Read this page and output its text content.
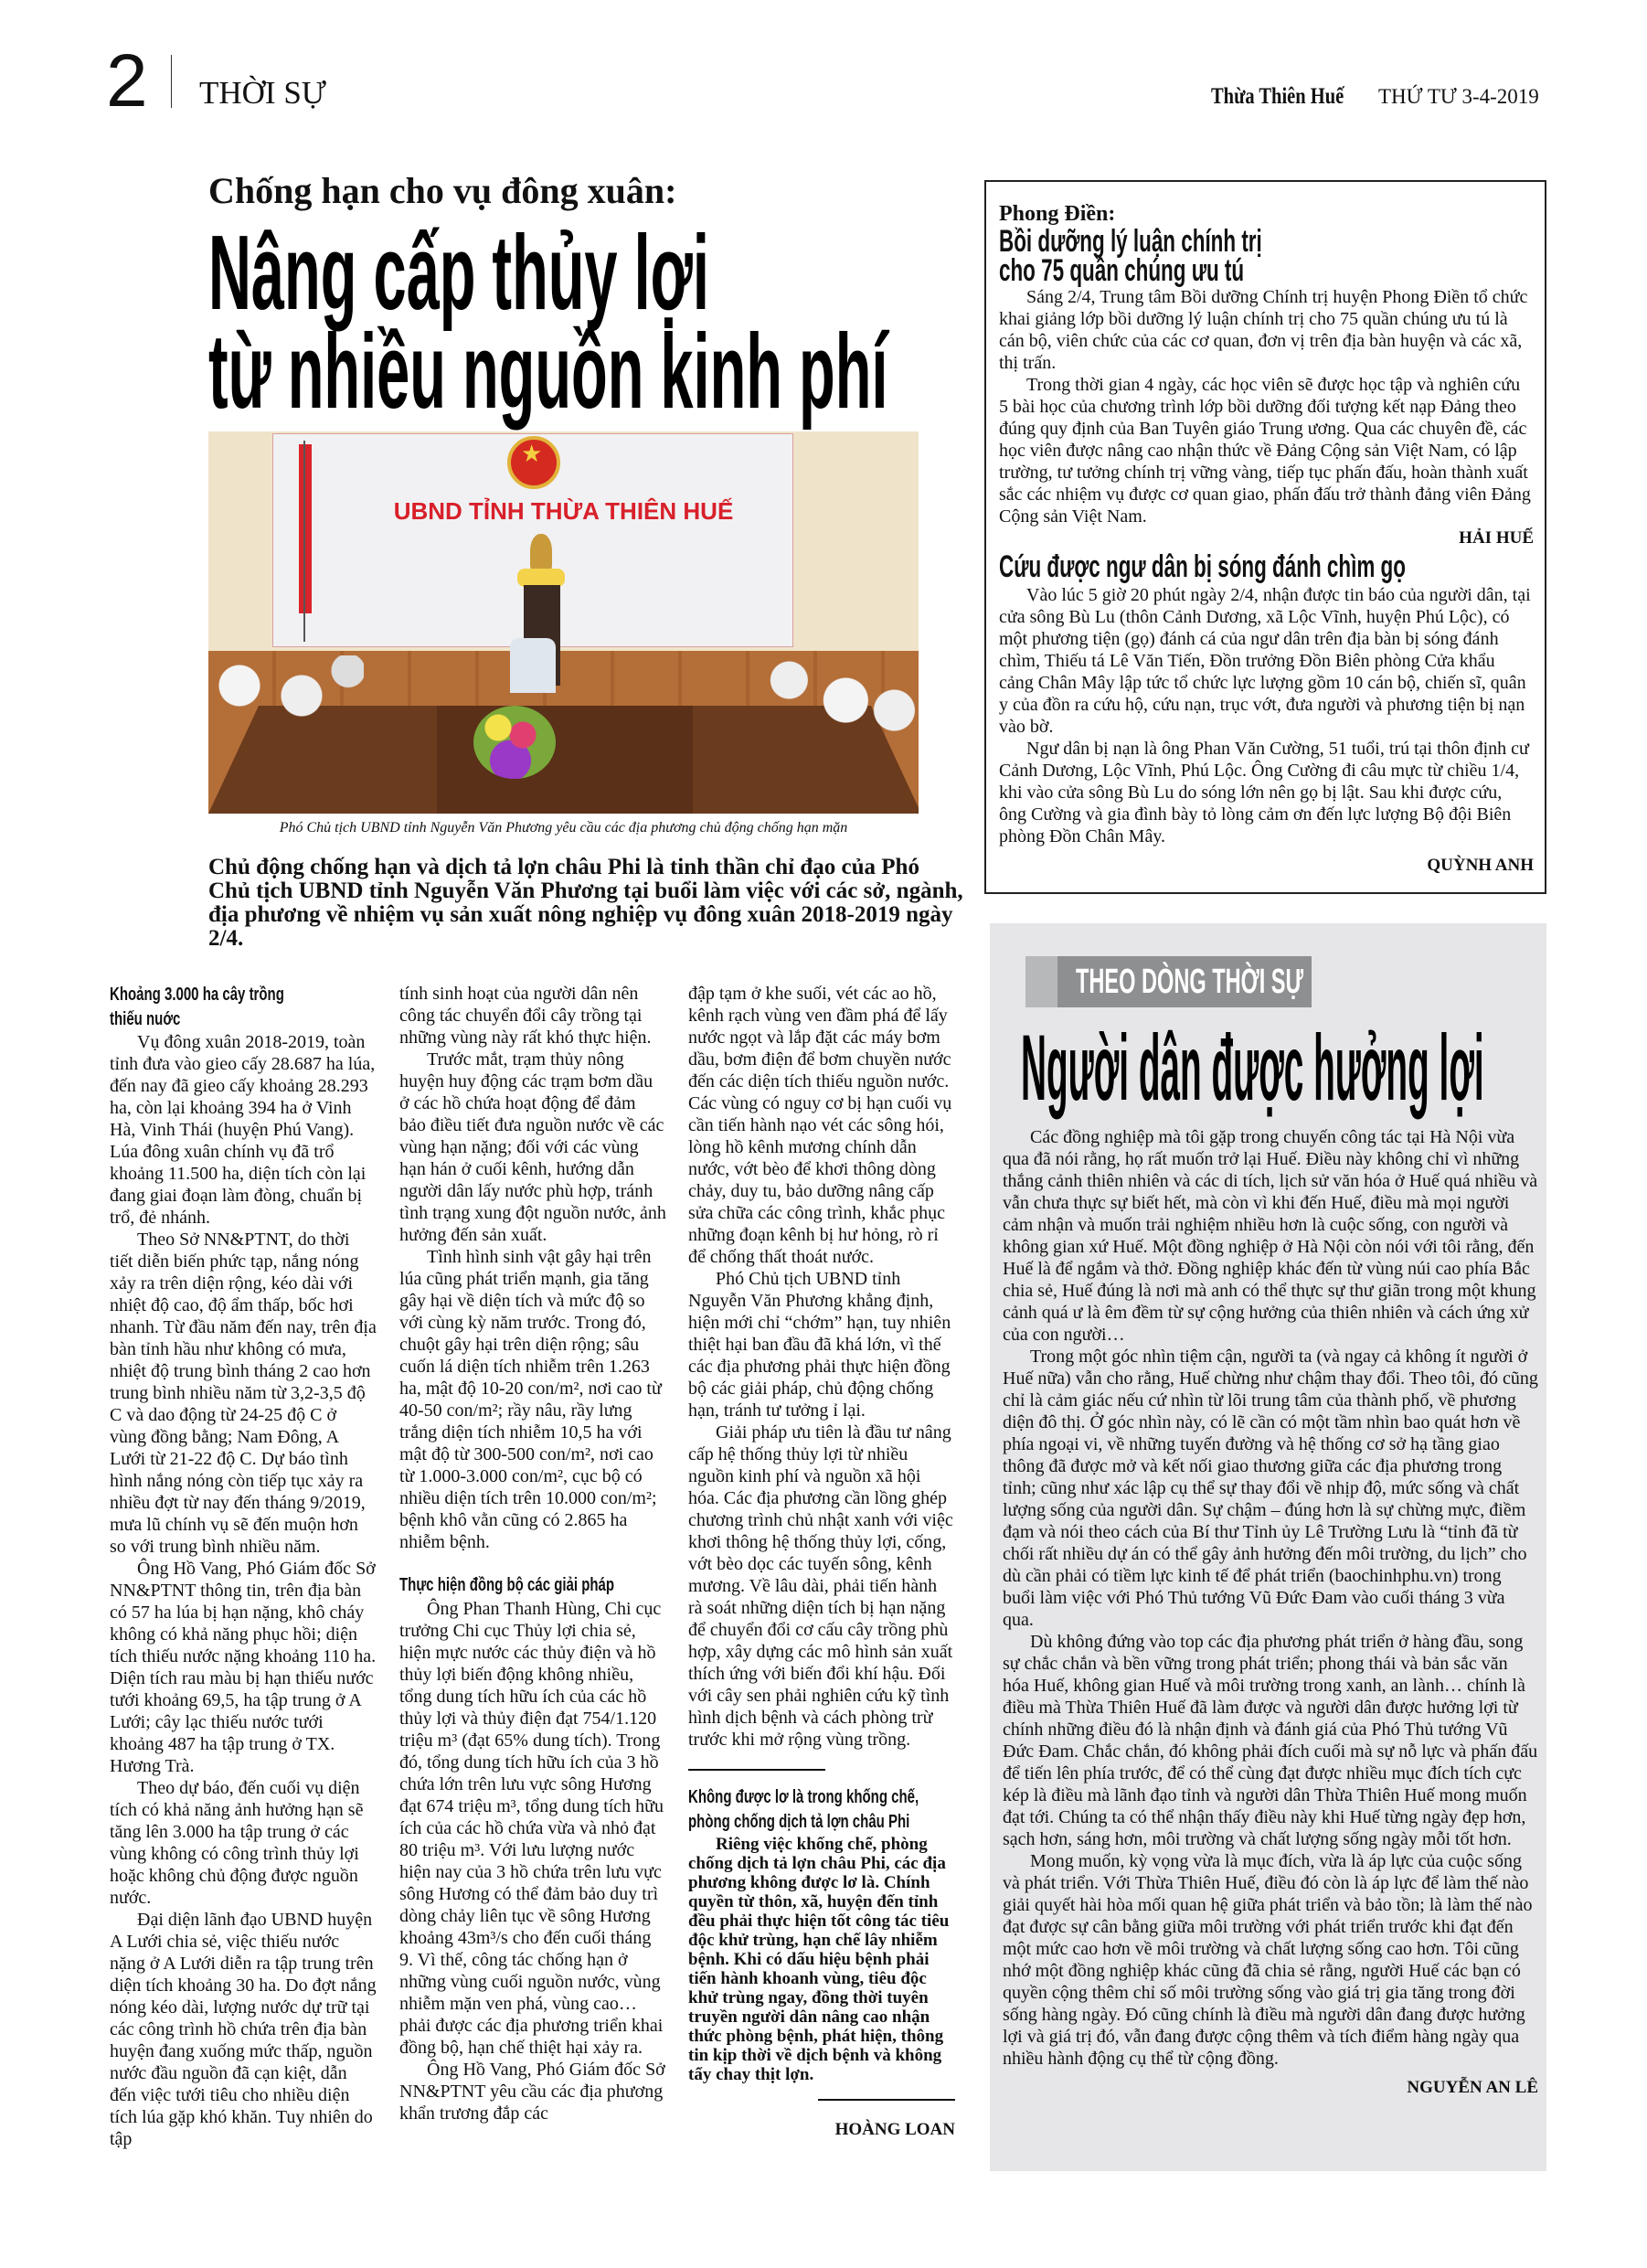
2 THỜI SỰ	Thừa Thiên Huế THỨ TƯ 3-4-2019
Chống hạn cho vụ đông xuân:
Nâng cấp thủy lợi
từ nhiều nguồn kinh phí
★
UBND TỈNH THỪA THIÊN HUẾ
Phó Chủ tịch UBND tỉnh Nguyễn Văn Phương yêu cầu các địa phương chủ động chống hạn mặn
Chủ động chống hạn và dịch tả lợn châu Phi là tinh thần chỉ đạo của Phó Chủ tịch UBND tỉnh Nguyễn Văn Phương tại buổi làm việc với các sở, ngành, địa phương về nhiệm vụ sản xuất nông nghiệp vụ đông xuân 2018-2019 ngày 2/4.
Khoảng 3.000 ha cây trồng
thiếu nuớc

Vụ đông xuân 2018-2019, toàn tỉnh đưa vào gieo cấy 28.687 ha lúa, đến nay đã gieo cấy khoảng 28.293 ha, còn lại khoảng 394 ha ở Vinh Hà, Vinh Thái (huyện Phú Vang). Lúa đông xuân chính vụ đã trổ khoảng 11.500 ha, diện tích còn lại đang giai đoạn làm đòng, chuẩn bị trổ, đẻ nhánh.

Theo Sở NN&PTNT, do thời tiết diễn biến phức tạp, nắng nóng xảy ra trên diện rộng, kéo dài với nhiệt độ cao, độ ẩm thấp, bốc hơi nhanh. Từ đầu năm đến nay, trên địa bàn tỉnh hầu như không có mưa, nhiệt độ trung bình tháng 2 cao hơn trung bình nhiều năm từ 3,2-3,5 độ C và dao động từ 24-25 độ C ở vùng đồng bằng; Nam Đông, A Lưới từ 21-22 độ C. Dự báo tình hình nắng nóng còn tiếp tục xảy ra nhiều đợt từ nay đến tháng 9/2019, mưa lũ chính vụ sẽ đến muộn hơn so với trung bình nhiều năm.

Ông Hồ Vang, Phó Giám đốc Sở NN&PTNT thông tin, trên địa bàn có 57 ha lúa bị hạn nặng, khô cháy không có khả năng phục hồi; diện tích thiếu nước nặng khoảng 110 ha. Diện tích rau màu bị hạn thiếu nước tưới khoảng 69,5, ha tập trung ở A Lưới; cây lạc thiếu nước tưới khoảng 487 ha tập trung ở TX. Hương Trà.

Theo dự báo, đến cuối vụ diện tích có khả năng ảnh hưởng hạn sẽ tăng lên 3.000 ha tập trung ở các vùng không có công trình thủy lợi hoặc không chủ động được nguồn nước.

Đại diện lãnh đạo UBND huyện A Lưới chia sẻ, việc thiếu nước nặng ở A Lưới diễn ra tập trung trên diện tích khoảng 30 ha. Do đợt nắng nóng kéo dài, lượng nước dự trữ tại các công trình hồ chứa trên địa bàn huyện đang xuống mức thấp, nguồn nước đầu nguồn đã cạn kiệt, dẫn đến việc tưới tiêu cho nhiều diện tích lúa gặp khó khăn. Tuy nhiên do tập

tính sinh hoạt của người dân nên công tác chuyển đổi cây trồng tại những vùng này rất khó thực hiện.

Trước mắt, trạm thủy nông huyện huy động các trạm bơm dầu ở các hồ chứa hoạt động để đảm bảo điều tiết đưa nguồn nước về các vùng hạn nặng; đối với các vùng hạn hán ở cuối kênh, hướng dẫn người dân lấy nước phù hợp, tránh tình trạng xung đột nguồn nước, ảnh hưởng đến sản xuất.

Tình hình sinh vật gây hại trên lúa cũng phát triển mạnh, gia tăng gây hại về diện tích và mức độ so với cùng kỳ năm trước. Trong đó, chuột gây hại trên diện rộng; sâu cuốn lá diện tích nhiễm trên 1.263 ha, mật độ 10-20 con/m², nơi cao từ 40-50 con/m²; rầy nâu, rầy lưng trắng diện tích nhiễm 10,5 ha với mật độ từ 300-500 con/m², nơi cao từ 1.000-3.000 con/m², cục bộ có nhiều diện tích trên 10.000 con/m²; bệnh khô vằn cũng có 2.865 ha nhiễm bệnh.

Thực hiện đồng bộ các giải pháp

Ông Phan Thanh Hùng, Chi cục trưởng Chi cục Thủy lợi chia sẻ, hiện mực nước các thủy điện và hồ thủy lợi biến động không nhiều, tổng dung tích hữu ích của các hồ thủy lợi và thủy điện đạt 754/1.120 triệu m³ (đạt 65% dung tích). Trong đó, tổng dung tích hữu ích của 3 hồ chứa lớn trên lưu vực sông Hương đạt 674 triệu m³, tổng dung tích hữu ích của các hồ chứa vừa và nhỏ đạt 80 triệu m³. Với lưu lượng nước hiện nay của 3 hồ chứa trên lưu vực sông Hương có thể đảm bảo duy trì dòng chảy liên tục về sông Hương khoảng 43m³/s cho đến cuối tháng 9. Vì thế, công tác chống hạn ở những vùng cuối nguồn nước, vùng nhiễm mặn ven phá, vùng cao… phải được các địa phương triển khai đồng bộ, hạn chế thiệt hại xảy ra.

Ông Hồ Vang, Phó Giám đốc Sở NN&PTNT yêu cầu các địa phương khẩn trương đắp các

đập tạm ở khe suối, vét các ao hồ, kênh rạch vùng ven đầm phá để lấy nước ngọt và lắp đặt các máy bơm dầu, bơm điện để bơm chuyền nước đến các diện tích thiếu nguồn nước. Các vùng có nguy cơ bị hạn cuối vụ cần tiến hành nạo vét các sông hói, lòng hồ kênh mương chính dẫn nước, vớt bèo để khơi thông dòng chảy, duy tu, bảo dưỡng nâng cấp sửa chữa các công trình, khắc phục những đoạn kênh bị hư hỏng, rò rỉ để chống thất thoát nước.

Phó Chủ tịch UBND tỉnh Nguyễn Văn Phương khẳng định, hiện mới chỉ “chớm” hạn, tuy nhiên thiệt hại ban đầu đã khá lớn, vì thế các địa phương phải thực hiện đồng bộ các giải pháp, chủ động chống hạn, tránh tư tưởng ỉ lại.

Giải pháp ưu tiên là đầu tư nâng cấp hệ thống thủy lợi từ nhiều nguồn kinh phí và nguồn xã hội hóa. Các địa phương cần lồng ghép chương trình chủ nhật xanh với việc khơi thông hệ thống thủy lợi, cống, vớt bèo dọc các tuyến sông, kênh mương. Về lâu dài, phải tiến hành rà soát những diện tích bị hạn nặng để chuyển đổi cơ cấu cây trồng phù hợp, xây dựng các mô hình sản xuất thích ứng với biến đổi khí hậu. Đối với cây sen phải nghiên cứu kỹ tình hình dịch bệnh và cách phòng trừ trước khi mở rộng vùng trồng.

Không được lơ là trong khống chế,
phòng chống dịch tả lợn châu Phi

Riêng việc khống chế, phòng chống dịch tả lợn châu Phi, các địa phương không được lơ là. Chính quyền từ thôn, xã, huyện đến tỉnh đều phải thực hiện tốt công tác tiêu độc khử trùng, hạn chế lây nhiễm bệnh. Khi có dấu hiệu bệnh phải tiến hành khoanh vùng, tiêu độc khử trùng ngay, đồng thời tuyên truyền người dân nâng cao nhận thức phòng bệnh, phát hiện, thông tin kịp thời về dịch bệnh và không tẩy chay thịt lợn.

HOÀNG LOAN
Phong Điền:
Bồi dưỡng lý luận chính trị
cho 75 quần chúng ưu tú

Sáng 2/4, Trung tâm Bồi dưỡng Chính trị huyện Phong Điền tổ chức khai giảng lớp bồi dưỡng lý luận chính trị cho 75 quần chúng ưu tú là cán bộ, viên chức của các cơ quan, đơn vị trên địa bàn huyện và các xã, thị trấn.

Trong thời gian 4 ngày, các học viên sẽ được học tập và nghiên cứu 5 bài học của chương trình lớp bồi dưỡng đối tượng kết nạp Đảng theo đúng quy định của Ban Tuyên giáo Trung ương. Qua các chuyên đề, các học viên được nâng cao nhận thức về Đảng Cộng sản Việt Nam, có lập trường, tư tưởng chính trị vững vàng, tiếp tục phấn đấu, hoàn thành xuất sắc các nhiệm vụ được cơ quan giao, phấn đấu trở thành đảng viên Đảng Cộng sản Việt Nam.

HẢI HUẾ
Cứu được ngư dân bị sóng đánh chìm gọ

Vào lúc 5 giờ 20 phút ngày 2/4, nhận được tin báo của người dân, tại cửa sông Bù Lu (thôn Cảnh Dương, xã Lộc Vĩnh, huyện Phú Lộc), có một phương tiện (gọ) đánh cá của ngư dân trên địa bàn bị sóng đánh chìm, Thiếu tá Lê Văn Tiến, Đồn trưởng Đồn Biên phòng Cửa khẩu cảng Chân Mây lập tức tổ chức lực lượng gồm 10 cán bộ, chiến sĩ, quân y của đồn ra cứu hộ, cứu nạn, trục vớt, đưa người và phương tiện bị nạn vào bờ.

Ngư dân bị nạn là ông Phan Văn Cường, 51 tuổi, trú tại thôn định cư Cảnh Dương, Lộc Vĩnh, Phú Lộc. Ông Cường đi câu mực từ chiều 1/4, khi vào cửa sông Bù Lu do sóng lớn nên gọ bị lật. Sau khi được cứu, ông Cường và gia đình bày tỏ lòng cảm ơn đến lực lượng Bộ đội Biên phòng Đồn Chân Mây.

QUỲNH ANH
THEO DÒNG THỜI SỰ
Người dân được hưởng lợi

Các đồng nghiệp mà tôi gặp trong chuyến công tác tại Hà Nội vừa qua đã nói rằng, họ rất muốn trở lại Huế. Điều này không chỉ vì những thắng cảnh thiên nhiên và các di tích, lịch sử văn hóa ở Huế quá nhiều và vẫn chưa thực sự biết hết, mà còn vì khi đến Huế, điều mà mọi người cảm nhận và muốn trải nghiệm nhiều hơn là cuộc sống, con người và không gian xứ Huế. Một đồng nghiệp ở Hà Nội còn nói với tôi rằng, đến Huế là để ngắm và thở. Đồng nghiệp khác đến từ vùng núi cao phía Bắc chia sẻ, Huế đúng là nơi mà anh có thể thực sự thư giãn trong một khung cảnh quá ư là êm đềm từ sự cộng hưởng của thiên nhiên và cách ứng xử của con người…

Trong một góc nhìn tiệm cận, người ta (và ngay cả không ít người ở Huế nữa) vẫn cho rằng, Huế chừng như chậm thay đổi. Theo tôi, đó cũng chỉ là cảm giác nếu cứ nhìn từ lõi trung tâm của thành phố, về phương diện đô thị. Ở góc nhìn này, có lẽ cần có một tầm nhìn bao quát hơn về phía ngoại vi, về những tuyến đường và hệ thống cơ sở hạ tầng giao thông đã được mở và kết nối giao thương giữa các địa phương trong tỉnh; cũng như xác lập cụ thể sự thay đổi về nhịp độ, mức sống và chất lượng sống của người dân. Sự chậm – đúng hơn là sự chừng mực, điềm đạm và nói theo cách của Bí thư Tỉnh ủy Lê Trường Lưu là “tỉnh đã từ chối rất nhiều dự án có thể gây ảnh hưởng đến môi trường, du lịch” cho dù cần phải có tiềm lực kinh tế để phát triển (baochinhphu.vn) trong buổi làm việc với Phó Thủ tướng Vũ Đức Đam vào cuối tháng 3 vừa qua.

Dù không đứng vào top các địa phương phát triển ở hàng đầu, song sự chắc chắn và bền vững trong phát triển; phong thái và bản sắc văn hóa Huế, không gian Huế và môi trường trong xanh, an lành… chính là điều mà Thừa Thiên Huế đã làm được và người dân được hưởng lợi từ chính những điều đó là nhận định và đánh giá của Phó Thủ tướng Vũ Đức Đam. Chắc chắn, đó không phải đích cuối mà sự nỗ lực và phấn đấu để tiến lên phía trước, để có thể cùng đạt được nhiều mục đích tích cực kép là điều mà lãnh đạo tỉnh và người dân Thừa Thiên Huế mong muốn đạt tới. Chúng ta có thể nhận thấy điều này khi Huế từng ngày đẹp hơn, sạch hơn, sáng hơn, môi trường và chất lượng sống ngày mỗi tốt hơn.

Mong muốn, kỳ vọng vừa là mục đích, vừa là áp lực của cuộc sống và phát triển. Với Thừa Thiên Huế, điều đó còn là áp lực để làm thế nào giải quyết hài hòa mối quan hệ giữa phát triển và bảo tồn; là làm thế nào đạt được sự cân bằng giữa môi trường với phát triển trước khi đạt đến một mức cao hơn về môi trường và chất lượng sống cao hơn. Tôi cũng nhớ một đồng nghiệp khác cũng đã chia sẻ rằng, người Huế các bạn có quyền cộng thêm chỉ số môi trường sống vào giá trị gia tăng trong đời sống hàng ngày. Đó cũng chính là điều mà người dân đang được hưởng lợi và giá trị đó, vẫn đang được cộng thêm và tích điểm hàng ngày qua nhiều hành động cụ thể từ cộng đồng.

NGUYỄN AN LÊ
